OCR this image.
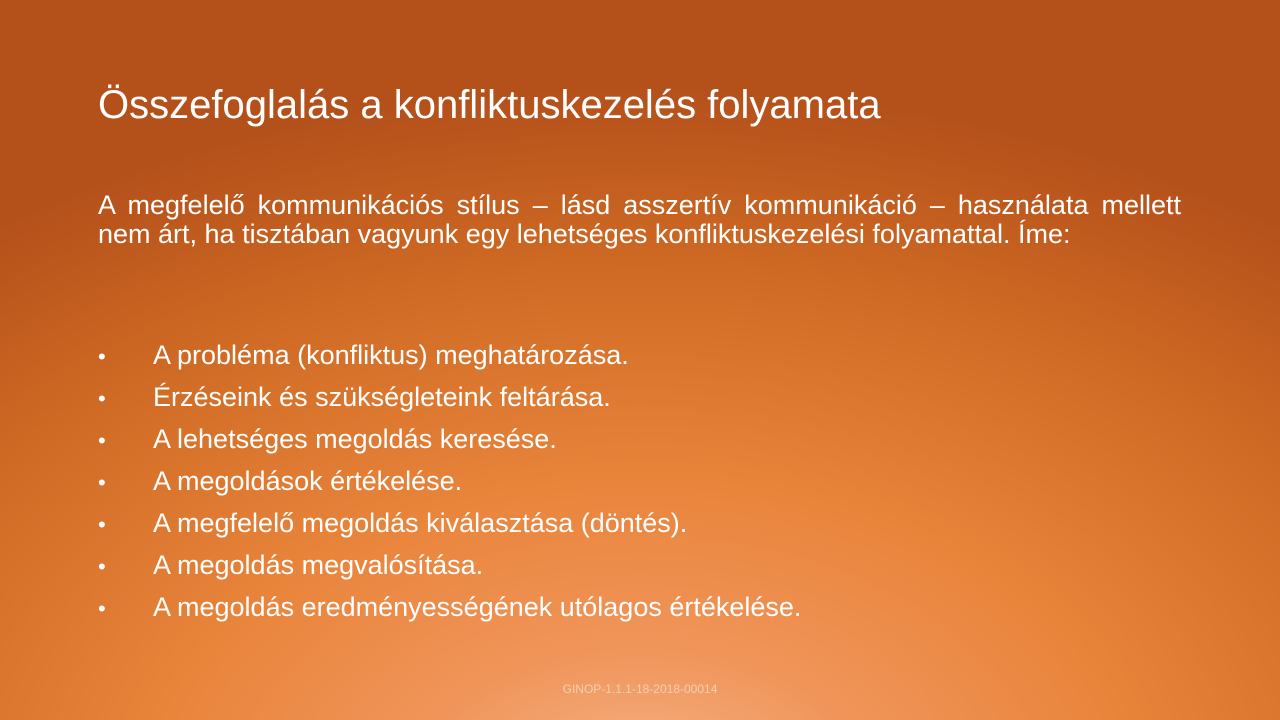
Összefoglalás a konfliktuskezelés folyamata

A megfelelő kommunikációs stílus – lásd asszertív kommunikáció – használata mellett nem árt, ha tisztában vagyunk egy lehetséges konfliktuskezelési folyamattal. Íme:

•	A probléma (konfliktus) meghatározása.
•	Érzéseink és szükségleteink feltárása.
•	A lehetséges megoldás keresése.
•	A megoldások értékelése.
•	A megfelelő megoldás kiválasztása (döntés).
•	A megoldás megvalósítása.
•	A megoldás eredményességének utólagos értékelése.
GINOP-1.1.1-18-2018-00014
